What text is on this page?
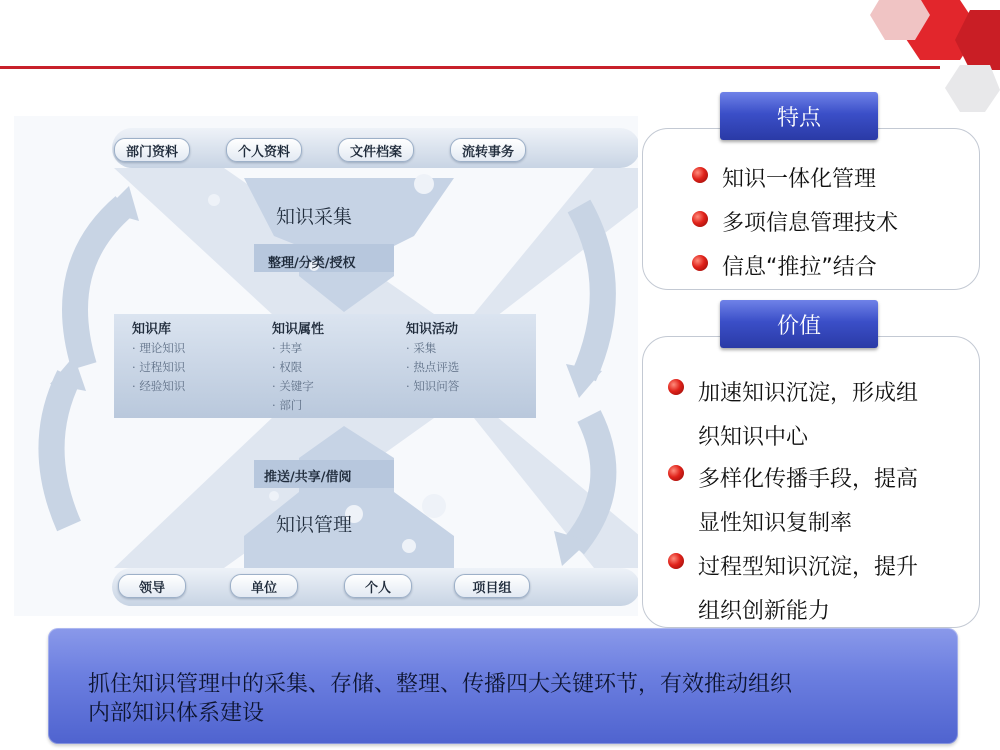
部门资料	个人资料	文件档案	流转事务
知识采集
整理/分类/授权
知识库
· 理论知识
· 过程知识
· 经验知识
知识属性
· 共享
· 权限
· 关键字
· 部门
知识活动
· 采集
· 热点评选
· 知识问答
推送/共享/借阅
知识管理
领导	单位	个人	项目组
特点
知识一体化管理
多项信息管理技术
信息“推拉”结合
价值
加速知识沉淀，形成组
织知识中心
多样化传播手段，提高
显性知识复制率
过程型知识沉淀，提升
组织创新能力
抓住知识管理中的采集、存储、整理、传播四大关键环节，有效推动组织
内部知识体系建设
